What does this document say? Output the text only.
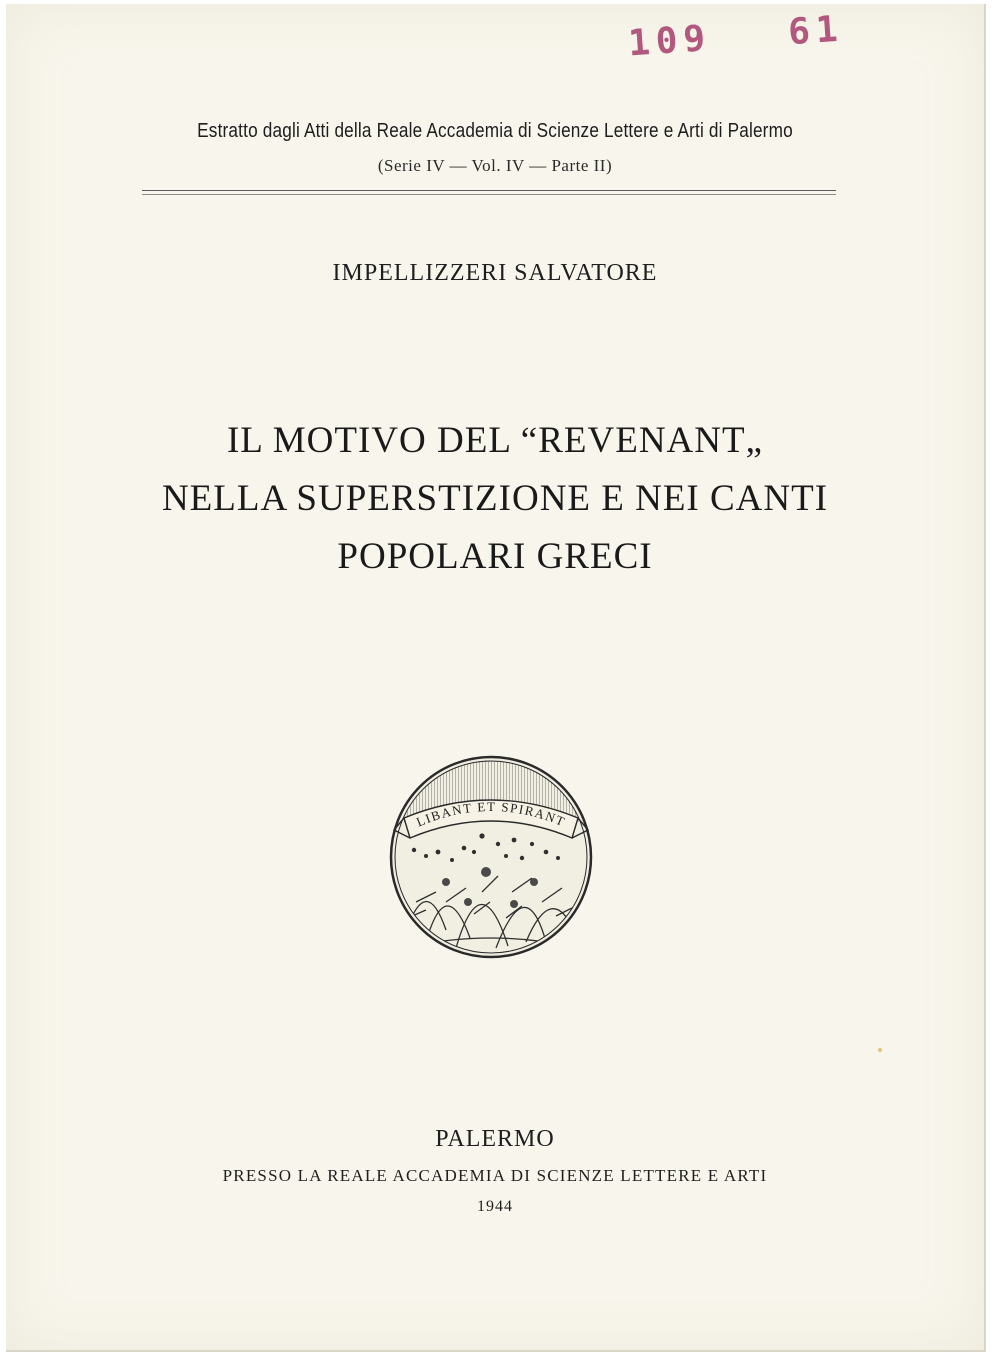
109 61
Estratto dagli Atti della Reale Accademia di Scienze Lettere e Arti di Palermo
(Serie IV — Vol. IV — Parte II)
IMPELLIZZERI SALVATORE
IL MOTIVO DEL “REVENANT„
NELLA SUPERSTIZIONE E NEI CANTI
POPOLARI GRECI
LIBANT ET SPIRANT
PALERMO
PRESSO LA REALE ACCADEMIA DI SCIENZE LETTERE E ARTI
1944
